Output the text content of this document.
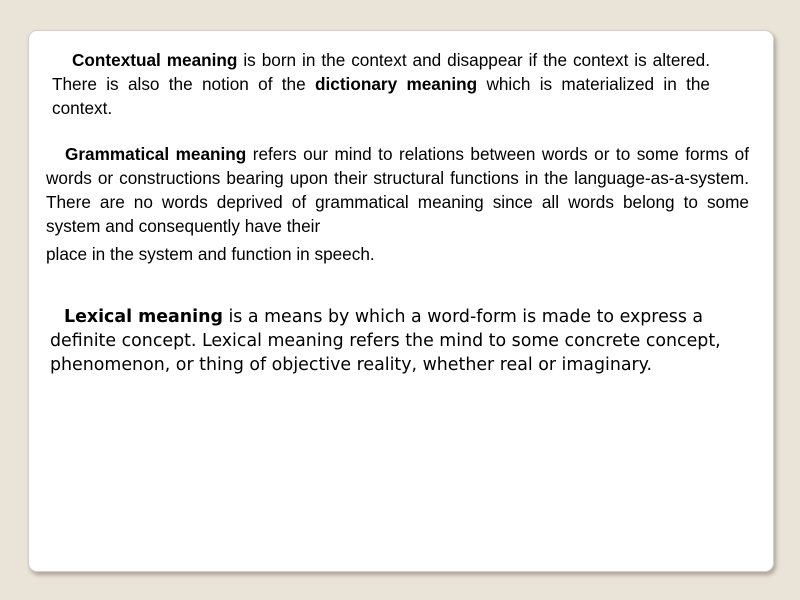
Contextual meaning is born in the context and disappear if the context is altered. There is also the notion of the dictionary meaning which is materialized in the context.

Grammatical meaning refers our mind to relations between words or to some forms of words or constructions bearing upon their structural functions in the language-as-a-system. There are no words deprived of grammatical meaning since all words belong to some system and consequently have their
place in the system and function in speech.

Lexical meaning is a means by which a word-form is made to express a definite concept. Lexical meaning refers the mind to some concrete concept, phenomenon, or thing of objective reality, whether real or imaginary.
